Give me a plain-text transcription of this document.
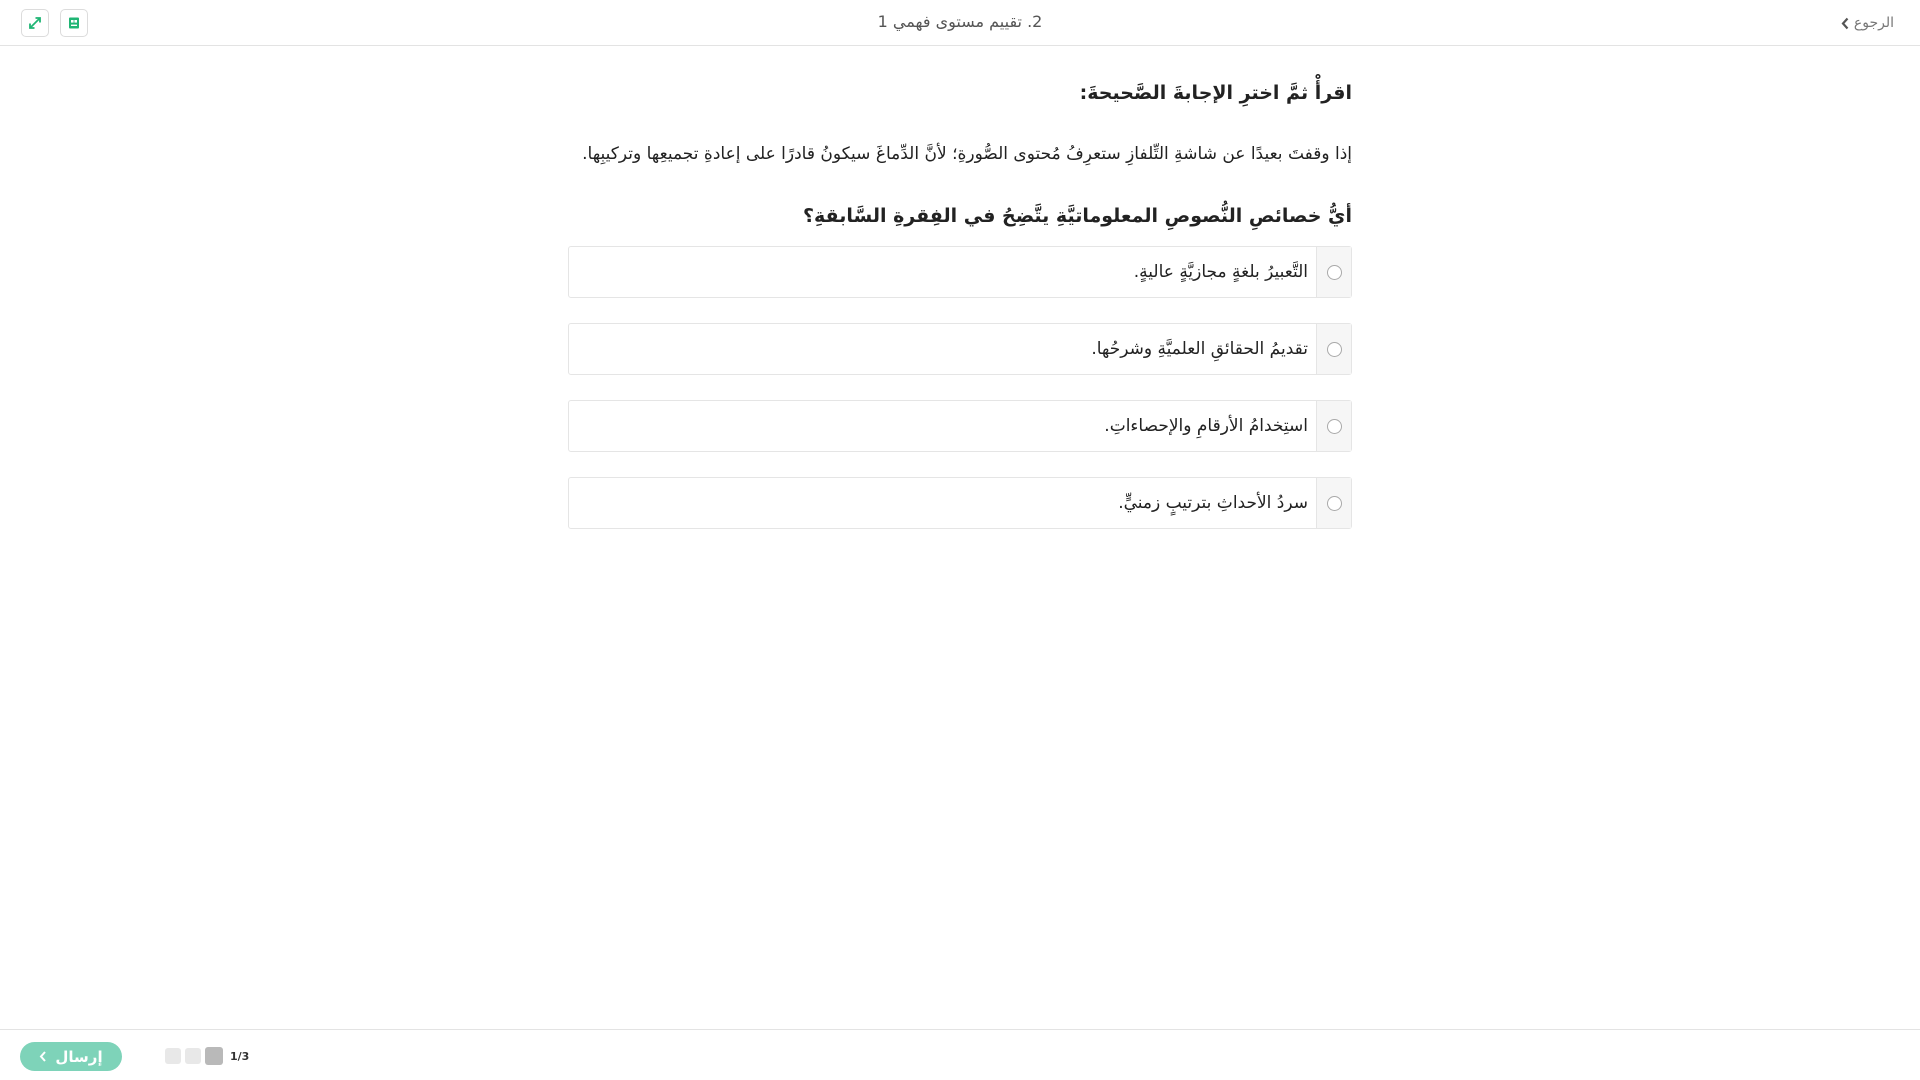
2. تقييم مستوى فهمي 1	الرجوع
اقرأْ ثمَّ اخترِ الإجابةَ الصَّحيحةَ:
إذا وقفتَ بعيدًا عن شاشةِ التِّلفازِ ستعرِفُ مُحتوى الصُّورةِ؛ لأنَّ الدِّماغَ سيكونُ قادرًا على إعادةِ تجميعِها وتركيبِها.
أيُّ خصائصِ النُّصوصِ المعلوماتيَّةِ يتَّضِحُ في الفِقرةِ السَّابقةِ؟
التَّعبيرُ بلغةٍ مجازيَّةٍ عاليةٍ.
تقديمُ الحقائقِ العلميَّةِ وشرحُها.
استِخدامُ الأرقامِ والإحصاءاتِ.
سردُ الأحداثِ بترتيبٍ زمنيٍّ.
إرسال	1/3
